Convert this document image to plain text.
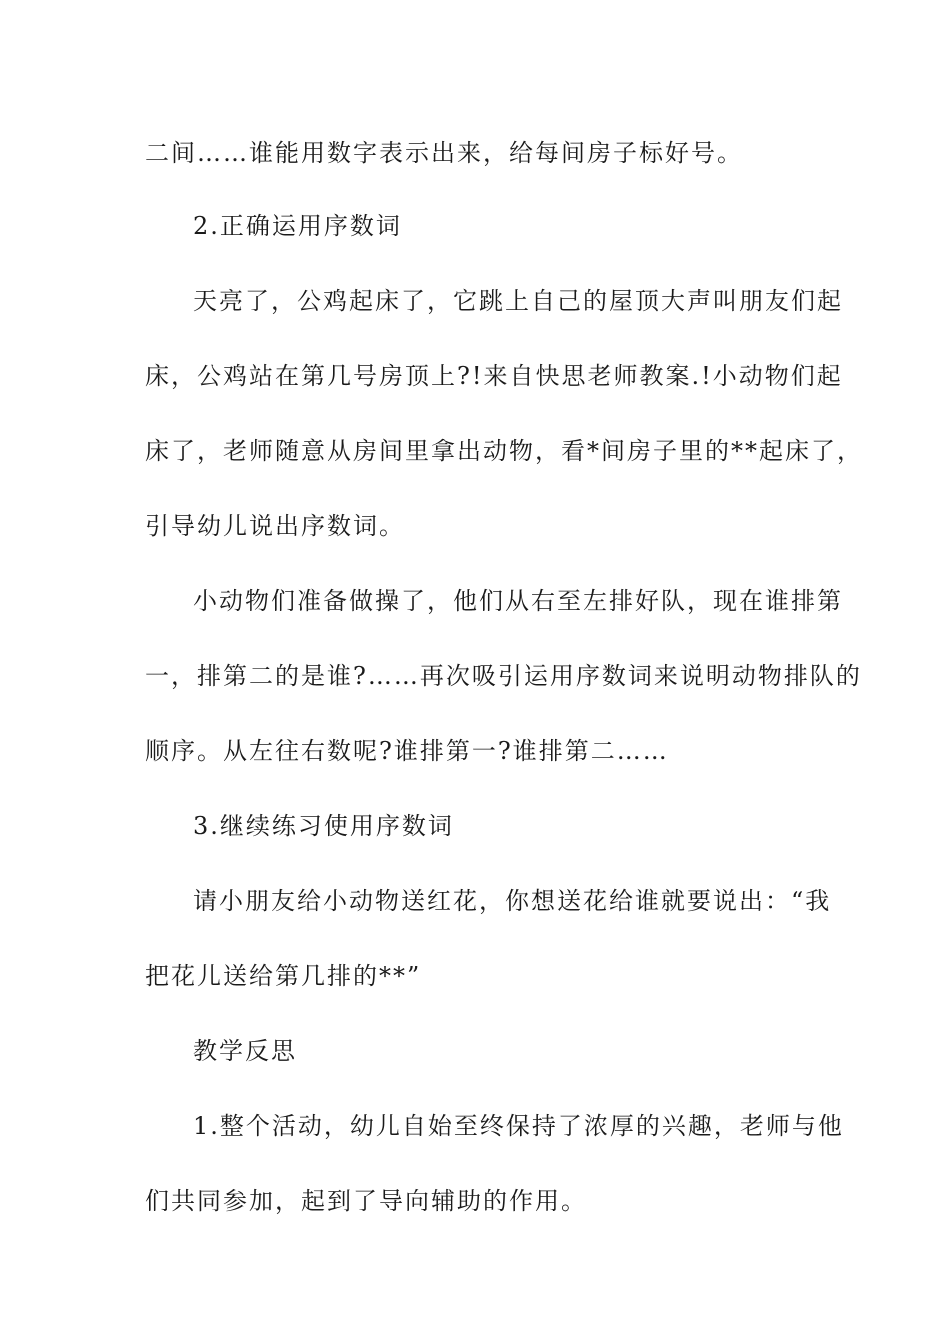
二间……谁能用数字表示出来，给每间房子标好号。
2.正确运用序数词
天亮了，公鸡起床了，它跳上自己的屋顶大声叫朋友们起
床，公鸡站在第几号房顶上?!来自快思老师教案.!小动物们起
床了，老师随意从房间里拿出动物，看*间房子里的**起床了，
引导幼儿说出序数词。
小动物们准备做操了，他们从右至左排好队，现在谁排第
一，排第二的是谁?……再次吸引运用序数词来说明动物排队的
顺序。从左往右数呢?谁排第一?谁排第二……
3.继续练习使用序数词
请小朋友给小动物送红花，你想送花给谁就要说出：“我
把花儿送给第几排的**”
教学反思
1.整个活动，幼儿自始至终保持了浓厚的兴趣，老师与他
们共同参加，起到了导向辅助的作用。
